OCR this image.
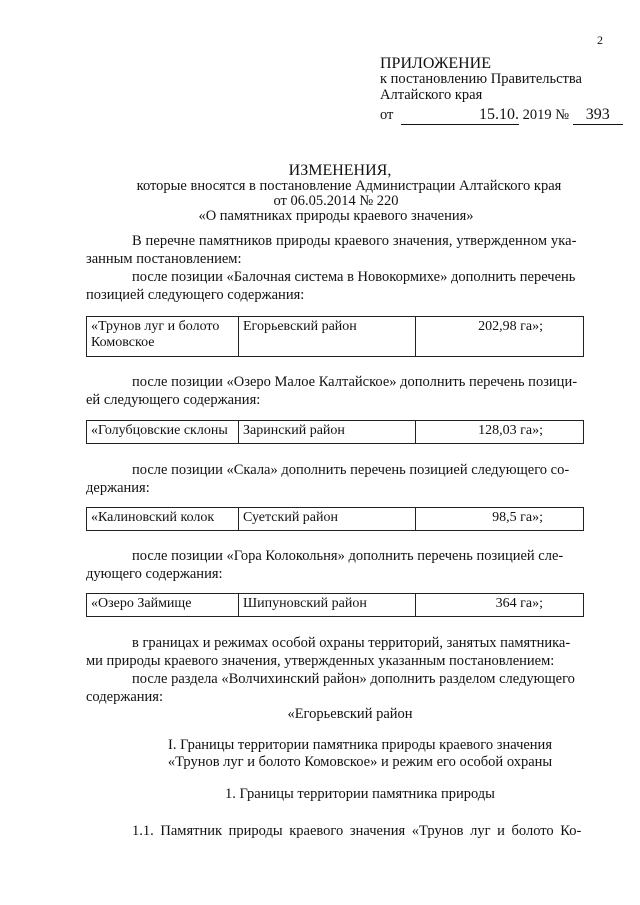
2
ПРИЛОЖЕНИЕ
к постановлению Правительства
Алтайского края
от	15.10. 2019 № 393
ИЗМЕНЕНИЯ,
которые вносятся в постановление Администрации Алтайского края
от 06.05.2014 № 220
«О памятниках природы краевого значения»
В перечне памятников природы краевого значения, утвержденном ука-
занным постановлением:
после позиции «Балочная система в Новокормихе» дополнить перечень
позицией следующего содержания:
«Трунов луг и болото
Комовское
Егорьевский район	202,98 га»;
после позиции «Озеро Малое Калтайское» дополнить перечень позици-
ей следующего содержания:
«Голубцовские склоны	Заринский район	128,03 га»;
после позиции «Скала» дополнить перечень позицией следующего со-
держания:
«Калиновский колок	Суетский район	98,5 га»;
после позиции «Гора Колокольня» дополнить перечень позицией сле-
дующего содержания:
«Озеро Займище	Шипуновский район	364 га»;
в границах и режимах особой охраны территорий, занятых памятника-
ми природы краевого значения, утвержденных указанным постановлением:
после раздела «Волчихинский район» дополнить разделом следующего
содержания:
«Егорьевский район
I. Границы территории памятника природы краевого значения
«Трунов луг и болото Комовское» и режим его особой охраны
1. Границы территории памятника природы
1.1. Памятник природы краевого значения «Трунов луг и болото Ко-
